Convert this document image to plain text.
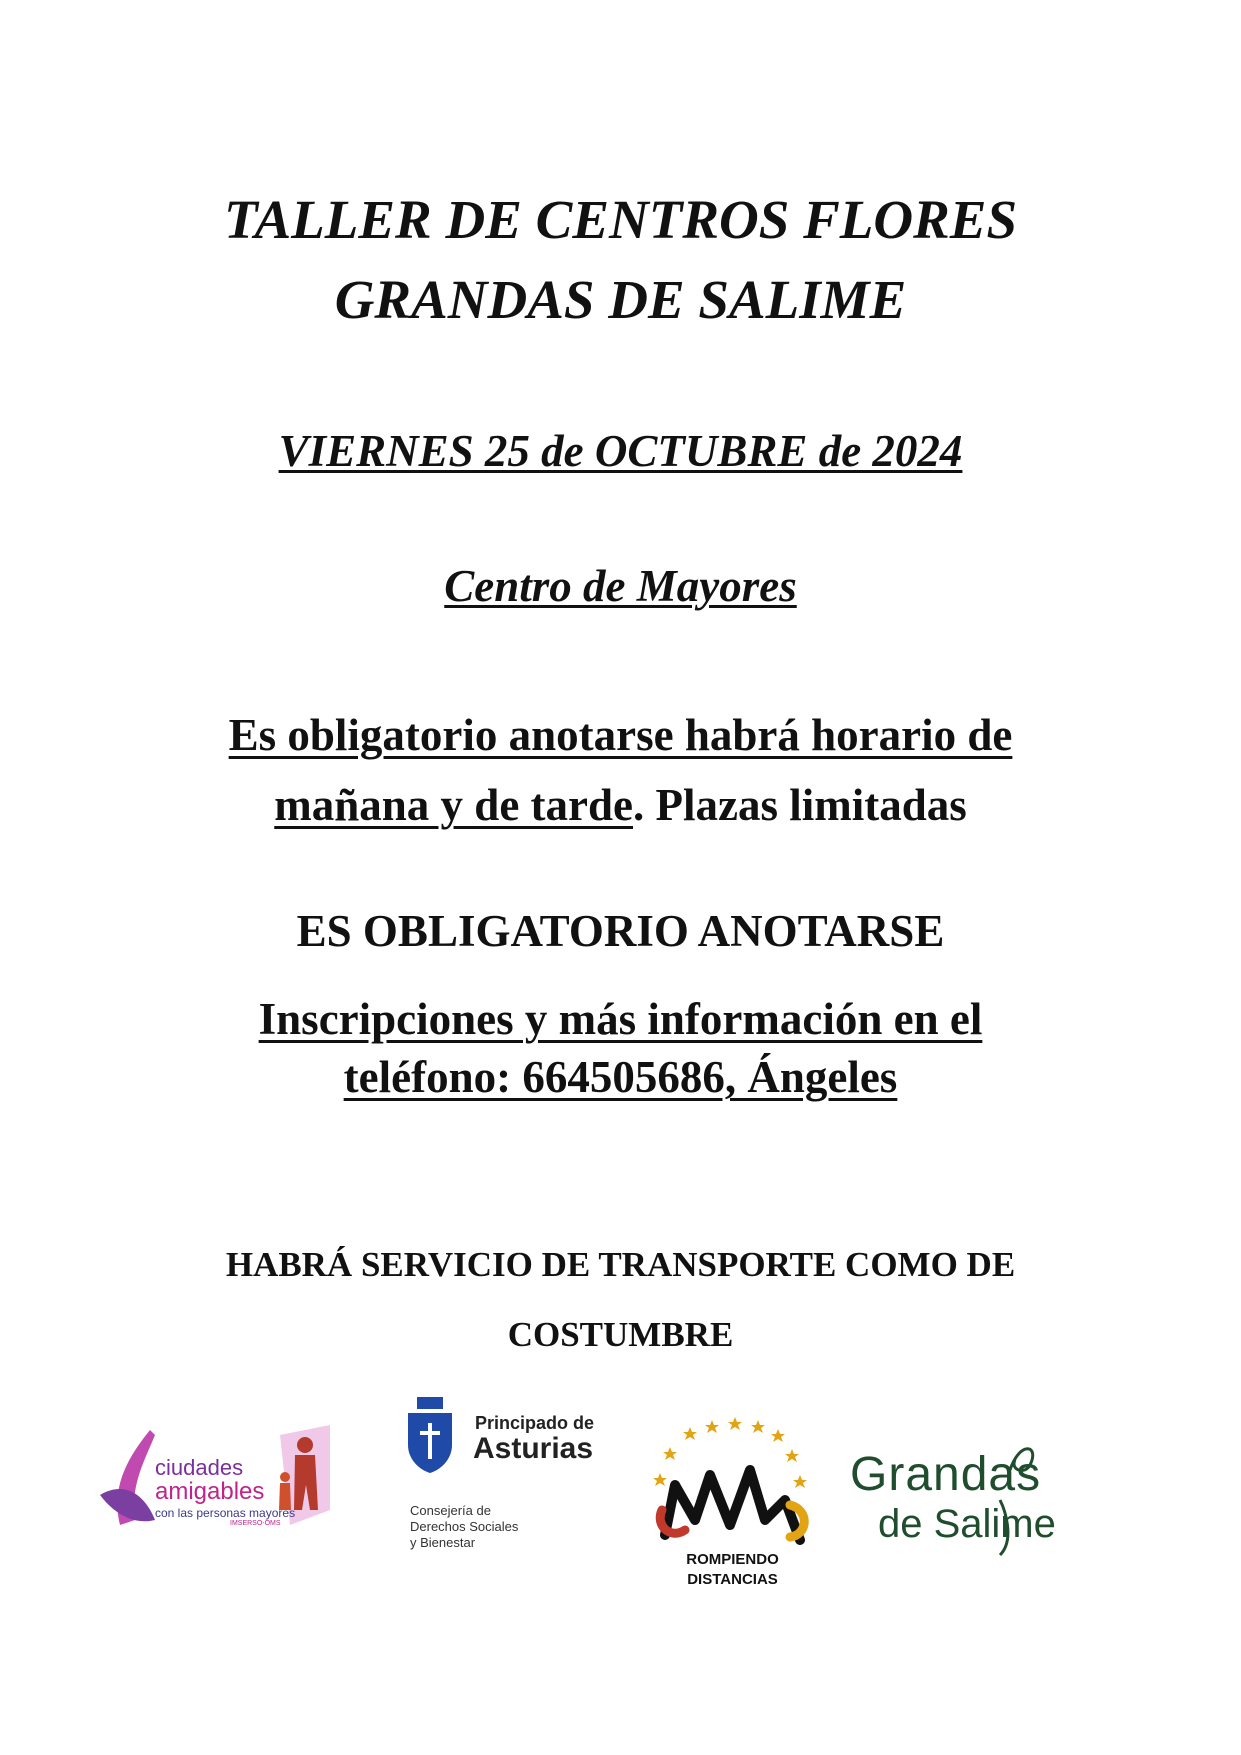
TALLER DE CENTROS FLORES
GRANDAS DE SALIME
VIERNES 25 de OCTUBRE de 2024
Centro de Mayores
Es obligatorio anotarse habrá horario de
mañana y de tarde. Plazas limitadas
ES OBLIGATORIO ANOTARSE
Inscripciones y más información en el
teléfono: 664505686, Ángeles
HABRÁ SERVICIO DE TRANSPORTE COMO DE
COSTUMBRE
ciudades
amigables
con las personas mayores
IMSERSO-OMS
Principado de
Asturias
Consejería de
Derechos Sociales
y Bienestar
ROMPIENDO
DISTANCIAS
Grandas
de Salime
